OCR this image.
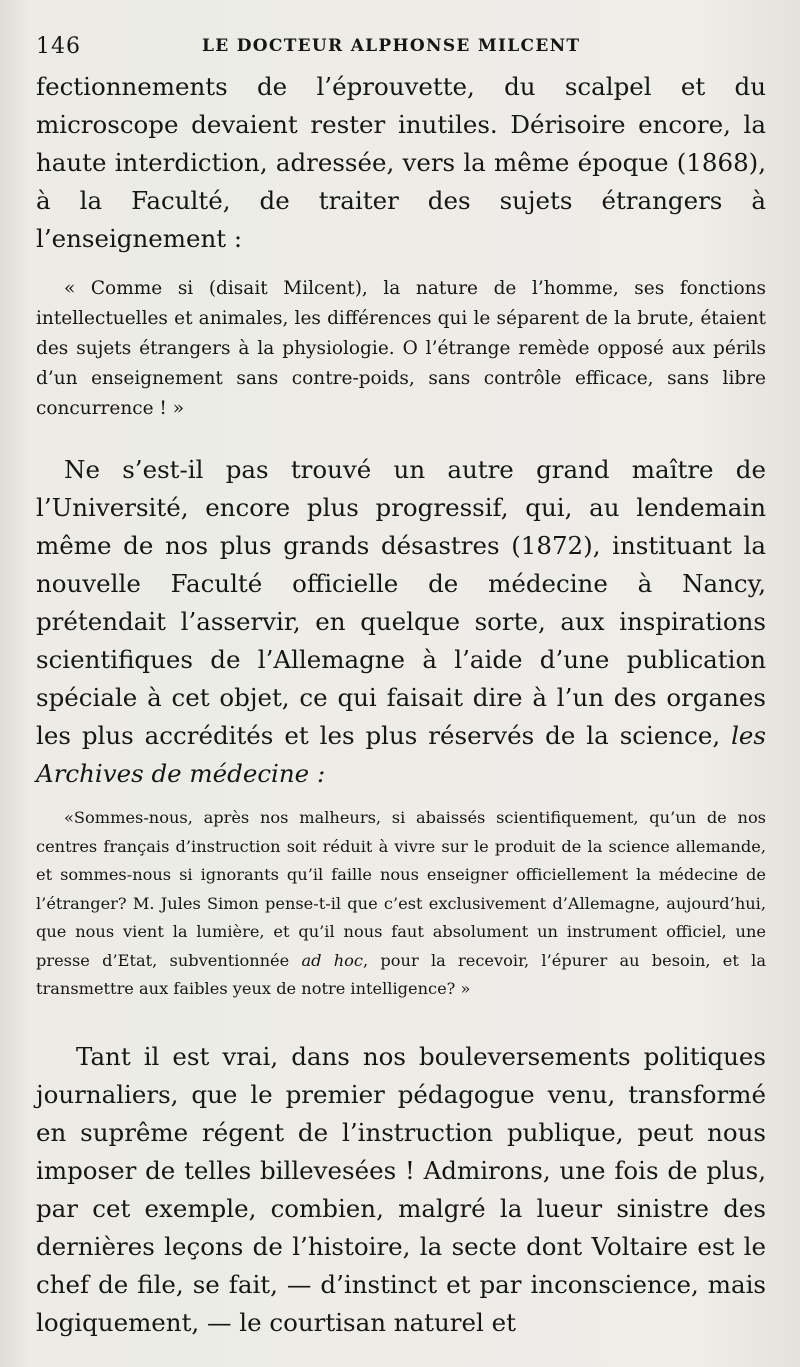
146	LE DOCTEUR ALPHONSE MILCENT

fectionnements de l’éprouvette, du scalpel et du microscope devaient rester inutiles. Dérisoire encore, la haute interdiction, adressée, vers la même époque (1868), à la Faculté, de traiter des sujets étrangers à l’enseignement :

« Comme si (disait Milcent), la nature de l’homme, ses fonctions intellectuelles et animales, les différences qui le séparent de la brute, étaient des sujets étrangers à la physiologie. O l’étrange remède opposé aux périls d’un enseignement sans contre-poids, sans contrôle efficace, sans libre concurrence ! »

Ne s’est-il pas trouvé un autre grand maître de l’Université, encore plus progressif, qui, au lendemain même de nos plus grands désastres (1872), instituant la nouvelle Faculté officielle de médecine à Nancy, prétendait l’asservir, en quelque sorte, aux inspirations scientifiques de l’Allemagne à l’aide d’une publication spéciale à cet objet, ce qui faisait dire à l’un des organes les plus accrédités et les plus réservés de la science, les Archives de médecine :

«Sommes-nous, après nos malheurs, si abaissés scientifiquement, qu’un de nos centres français d’instruction soit réduit à vivre sur le produit de la science allemande, et sommes-nous si ignorants qu’il faille nous enseigner officiellement la médecine de l’étranger? M. Jules Simon pense-t-il que c’est exclusivement d’Allemagne, aujourd’hui, que nous vient la lumière, et qu’il nous faut absolument un instrument officiel, une presse d’Etat, subventionnée ad hoc, pour la recevoir, l’épurer au besoin, et la transmettre aux faibles yeux de notre intelligence? »

Tant il est vrai, dans nos bouleversements politiques journaliers, que le premier pédagogue venu, transformé en suprême régent de l’instruction publique, peut nous imposer de telles billevesées ! Admirons, une fois de plus, par cet exemple, combien, malgré la lueur sinistre des dernières leçons de l’histoire, la secte dont Voltaire est le chef de file, se fait, — d’instinct et par inconscience, mais logiquement, — le courtisan naturel et
